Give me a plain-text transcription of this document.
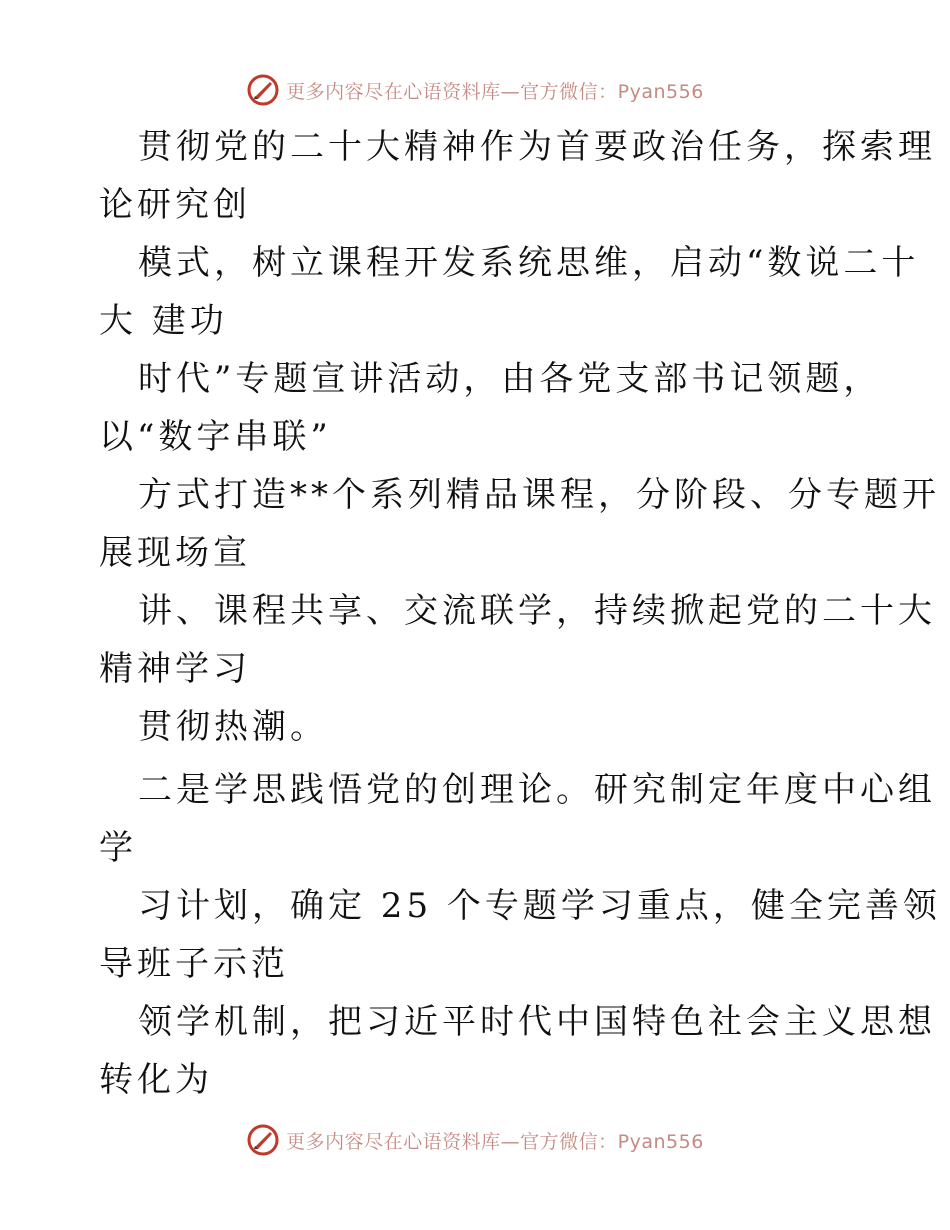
更多内容尽在心语资料库—官方微信：Pyan556
贯彻党的二十大精神作为首要政治任务，探索理
论研究创
模式，树立课程开发系统思维，启动“数说二十
大 建功
时代”专题宣讲活动，由各党支部书记领题，
以“数字串联”
方式打造**个系列精品课程，分阶段、分专题开
展现场宣
讲、课程共享、交流联学，持续掀起党的二十大
精神学习
贯彻热潮。
二是学思践悟党的创理论。研究制定年度中心组
学
习计划，确定 25 个专题学习重点，健全完善领
导班子示范
领学机制，把习近平时代中国特色社会主义思想
转化为
更多内容尽在心语资料库—官方微信：Pyan556
